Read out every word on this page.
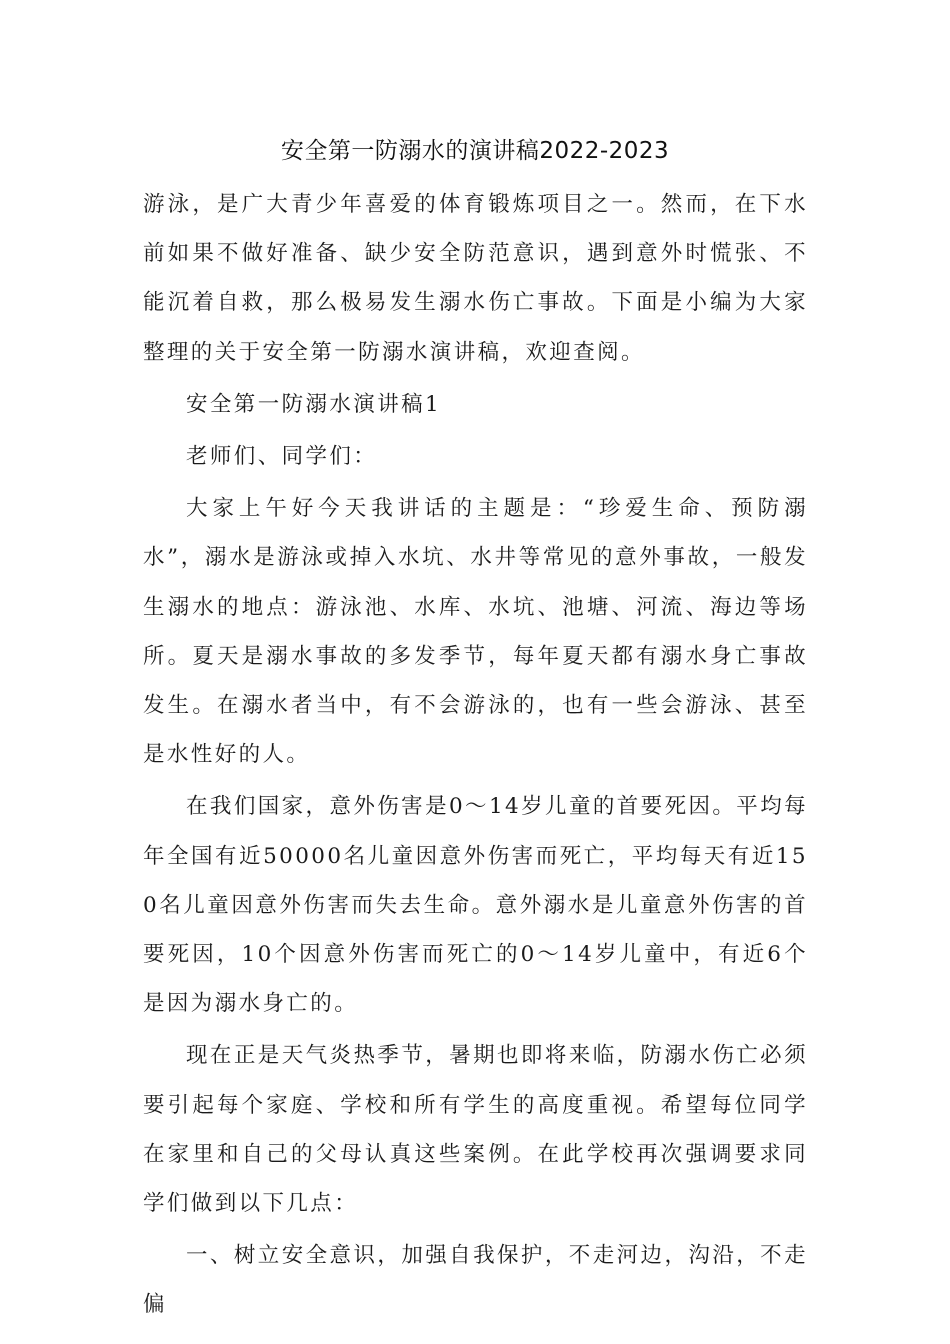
安全第一防溺水的演讲稿2022-2023

游泳，是广大青少年喜爱的体育锻炼项目之一。然而，在下水前如果不做好准备、缺少安全防范意识，遇到意外时慌张、不能沉着自救，那么极易发生溺水伤亡事故。下面是小编为大家整理的关于安全第一防溺水演讲稿，欢迎查阅。

安全第一防溺水演讲稿1

老师们、同学们：

大家上午好今天我讲话的主题是：“珍爱生命、预防溺水”，溺水是游泳或掉入水坑、水井等常见的意外事故，一般发生溺水的地点：游泳池、水库、水坑、池塘、河流、海边等场所。夏天是溺水事故的多发季节，每年夏天都有溺水身亡事故发生。在溺水者当中，有不会游泳的，也有一些会游泳、甚至是水性好的人。

在我们国家，意外伤害是0～14岁儿童的首要死因。平均每年全国有近50000名儿童因意外伤害而死亡，平均每天有近150名儿童因意外伤害而失去生命。意外溺水是儿童意外伤害的首要死因，10个因意外伤害而死亡的0～14岁儿童中，有近6个是因为溺水身亡的。

现在正是天气炎热季节，暑期也即将来临，防溺水伤亡必须要引起每个家庭、学校和所有学生的高度重视。希望每位同学在家里和自己的父母认真这些案例。在此学校再次强调要求同学们做到以下几点：

一、树立安全意识，加强自我保护，不走河边，沟沿，不走偏
